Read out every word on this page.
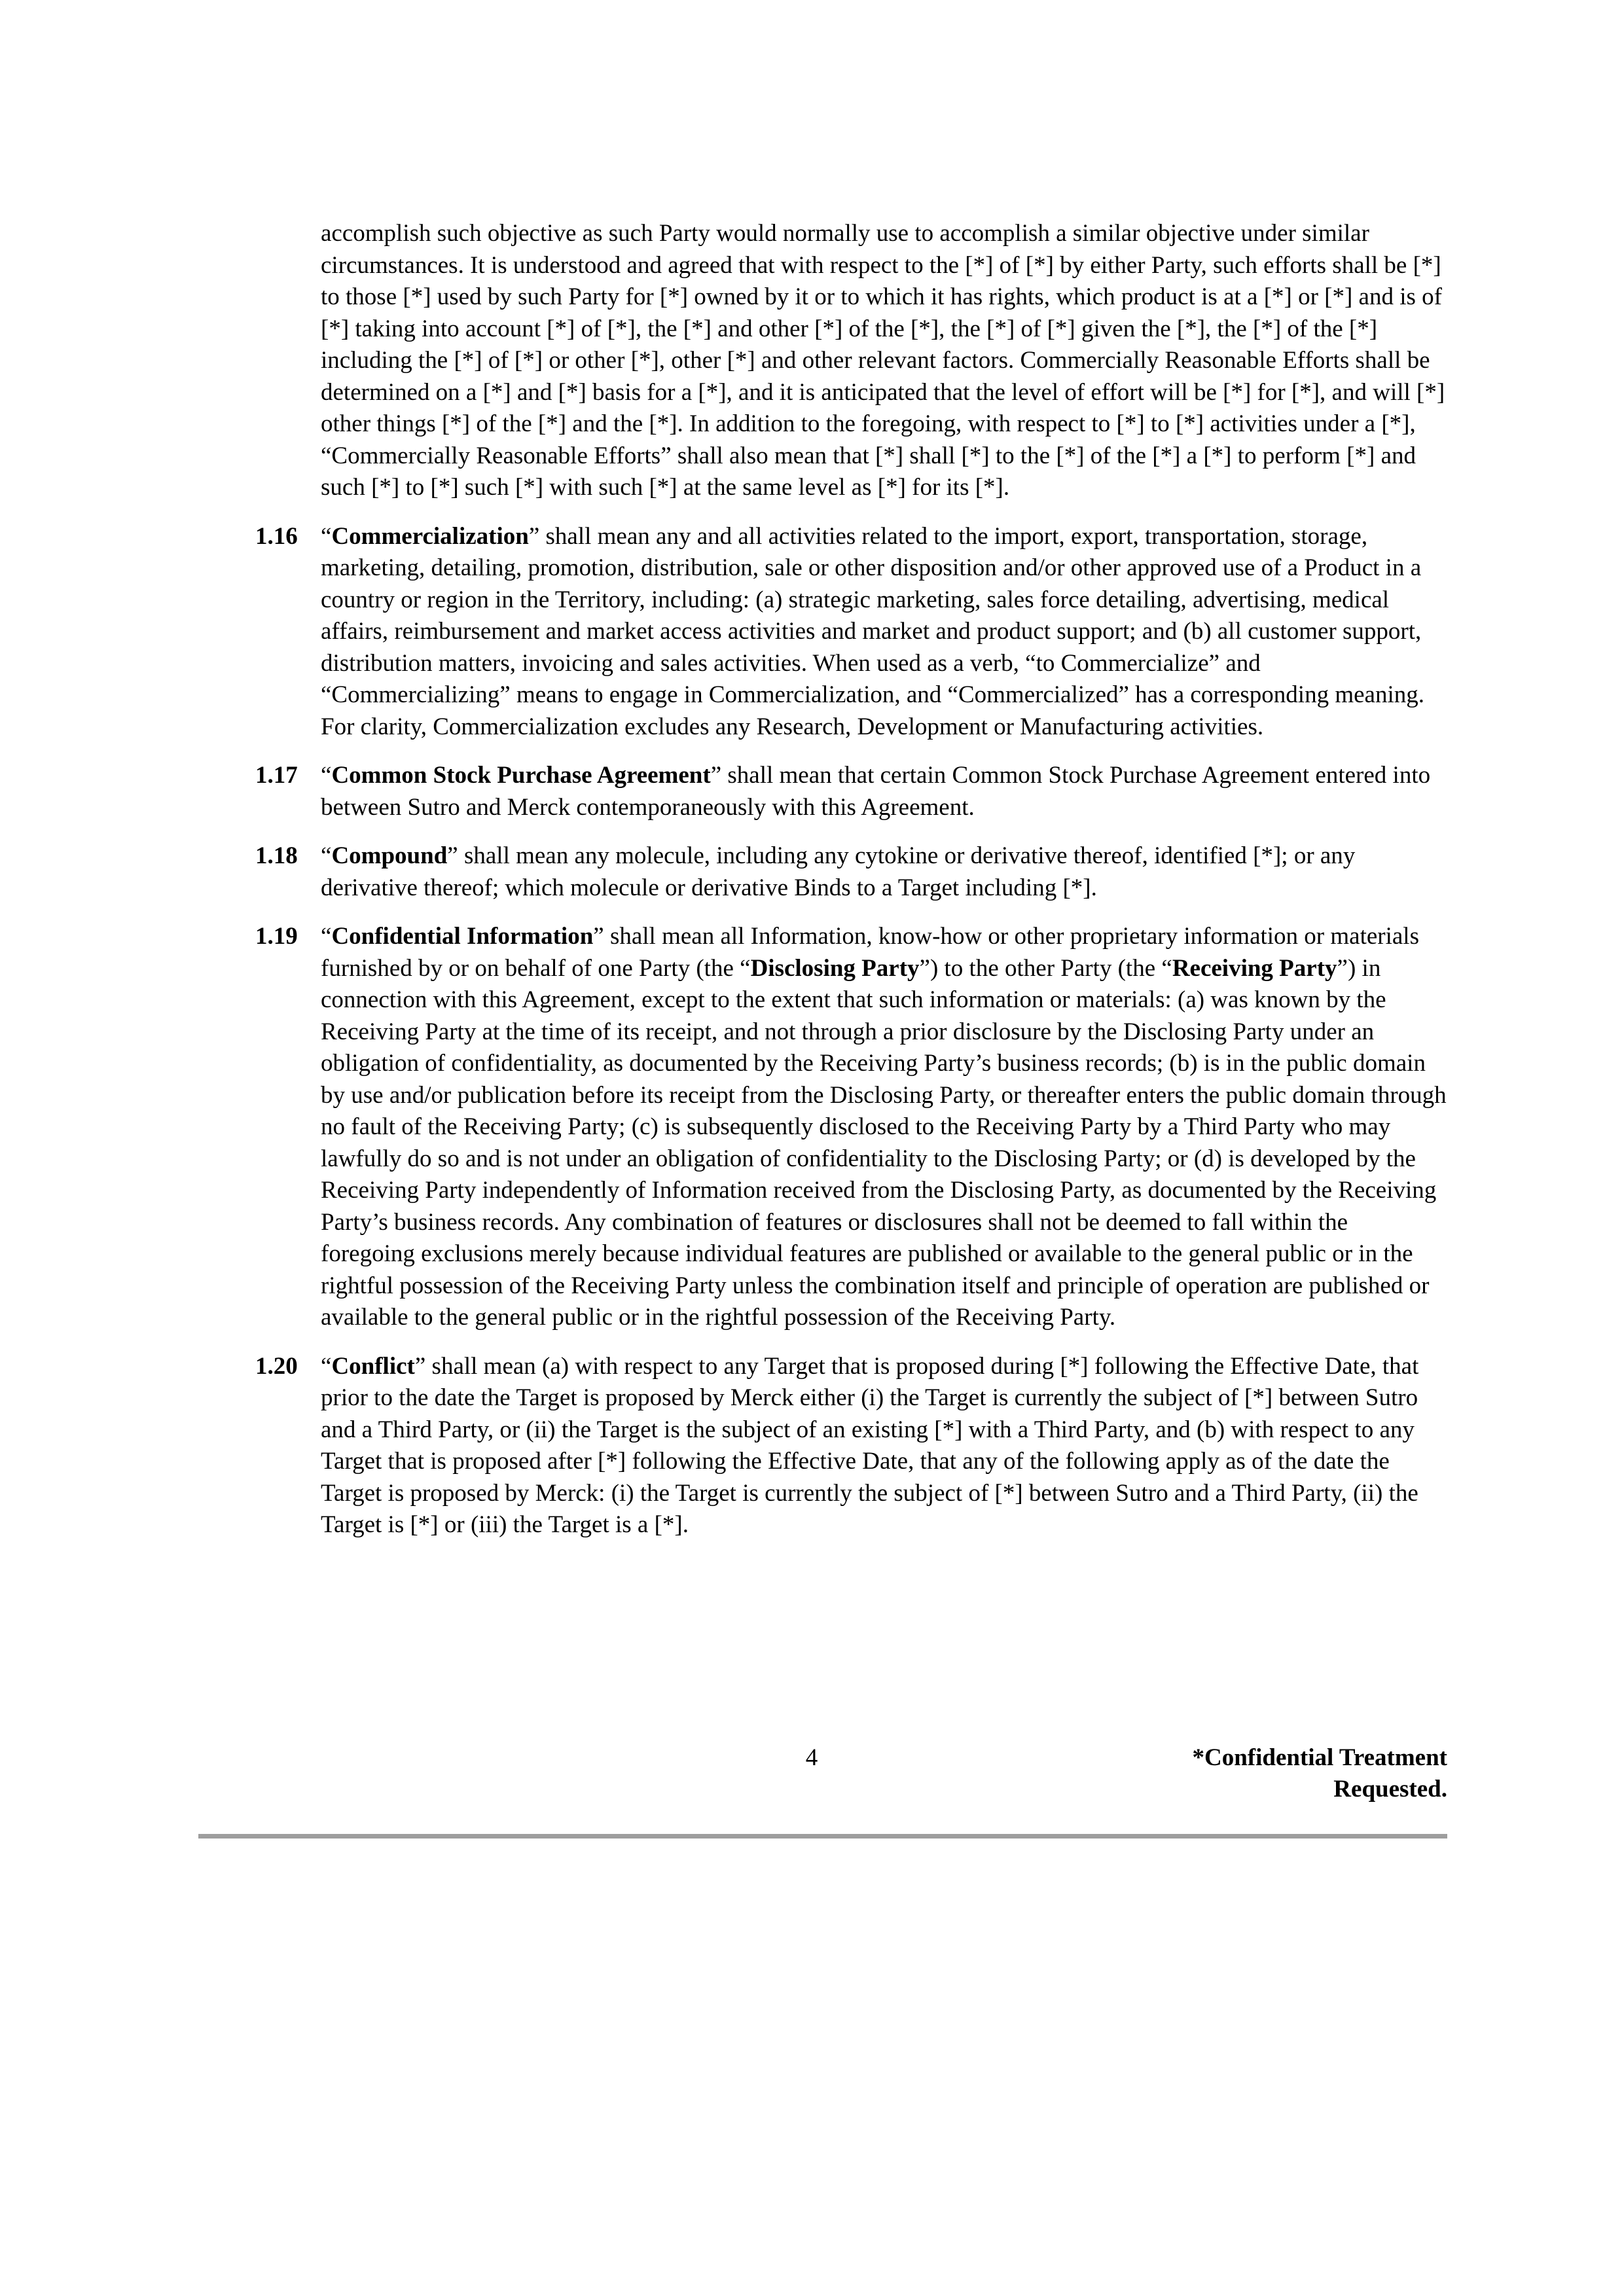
accomplish such objective as such Party would normally use to accomplish a similar objective under similar circumstances. It is understood and agreed that with respect to the [*] of [*] by either Party, such efforts shall be [*] to those [*] used by such Party for [*] owned by it or to which it has rights, which product is at a [*] or [*] and is of [*] taking into account [*] of [*], the [*] and other [*] of the [*], the [*] of [*] given the [*], the [*] of the [*] including the [*] of [*] or other [*], other [*] and other relevant factors. Commercially Reasonable Efforts shall be determined on a [*] and [*] basis for a [*], and it is anticipated that the level of effort will be [*] for [*], and will [*] other things [*] of the [*] and the [*]. In addition to the foregoing, with respect to [*] to [*] activities under a [*], “Commercially Reasonable Efforts” shall also mean that [*] shall [*] to the [*] of the [*] a [*] to perform [*] and such [*] to [*] such [*] with such [*] at the same level as [*] for its [*].

1.16 “Commercialization” shall mean any and all activities related to the import, export, transportation, storage, marketing, detailing, promotion, distribution, sale or other disposition and/or other approved use of a Product in a country or region in the Territory, including: (a) strategic marketing, sales force detailing, advertising, medical affairs, reimbursement and market access activities and market and product support; and (b) all customer support, distribution matters, invoicing and sales activities. When used as a verb, “to Commercialize” and “Commercializing” means to engage in Commercialization, and “Commercialized” has a corresponding meaning. For clarity, Commercialization excludes any Research, Development or Manufacturing activities.
1.17 “Common Stock Purchase Agreement” shall mean that certain Common Stock Purchase Agreement entered into between Sutro and Merck contemporaneously with this Agreement.
1.18 “Compound” shall mean any molecule, including any cytokine or derivative thereof, identified [*]; or any derivative thereof; which molecule or derivative Binds to a Target including [*].
1.19 “Confidential Information” shall mean all Information, know-how or other proprietary information or materials furnished by or on behalf of one Party (the “Disclosing Party”) to the other Party (the “Receiving Party”) in connection with this Agreement, except to the extent that such information or materials: (a) was known by the Receiving Party at the time of its receipt, and not through a prior disclosure by the Disclosing Party under an obligation of confidentiality, as documented by the Receiving Party’s business records; (b) is in the public domain by use and/or publication before its receipt from the Disclosing Party, or thereafter enters the public domain through no fault of the Receiving Party; (c) is subsequently disclosed to the Receiving Party by a Third Party who may lawfully do so and is not under an obligation of confidentiality to the Disclosing Party; or (d) is developed by the Receiving Party independently of Information received from the Disclosing Party, as documented by the Receiving Party’s business records. Any combination of features or disclosures shall not be deemed to fall within the foregoing exclusions merely because individual features are published or available to the general public or in the rightful possession of the Receiving Party unless the combination itself and principle of operation are published or available to the general public or in the rightful possession of the Receiving Party.
1.20 “Conflict” shall mean (a) with respect to any Target that is proposed during [*] following the Effective Date, that prior to the date the Target is proposed by Merck either (i) the Target is currently the subject of [*] between Sutro and a Third Party, or (ii) the Target is the subject of an existing [*] with a Third Party, and (b) with respect to any Target that is proposed after [*] following the Effective Date, that any of the following apply as of the date the Target is proposed by Merck: (i) the Target is currently the subject of [*] between Sutro and a Third Party, (ii) the Target is [*] or (iii) the Target is a [*].
4	*Confidential Treatment
Requested.
